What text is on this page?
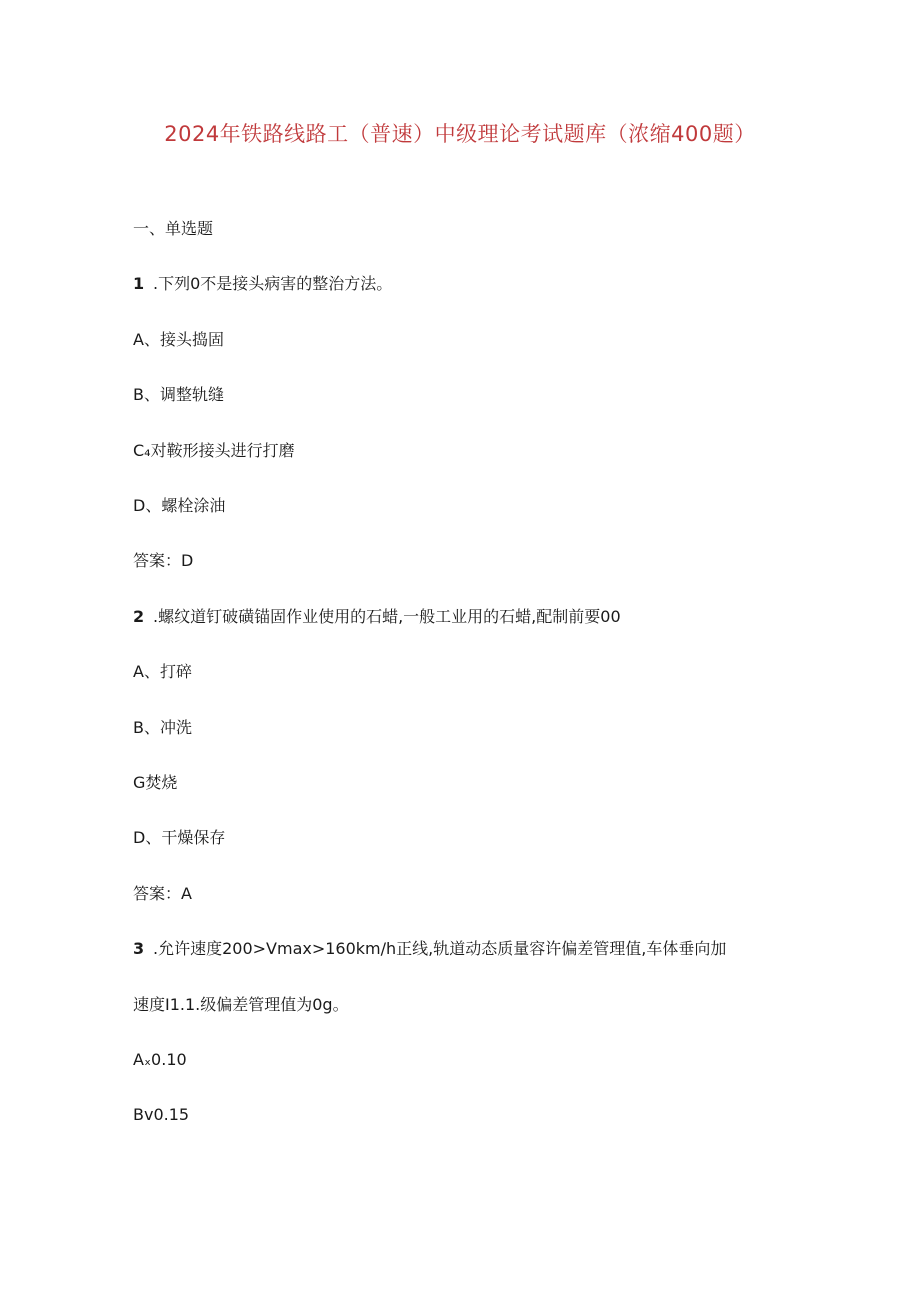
2024年铁路线路工（普速）中级理论考试题库（浓缩400题）
一、单选题
1 .下列0不是接头病害的整治方法。
A、接头捣固
B、调整轨缝
C₄对鞍形接头进行打磨
D、螺栓涂油
答案：D
2 .螺纹道钉破磺锚固作业使用的石蜡,一般工业用的石蜡,配制前要00
A、打碎
B、冲洗
G焚烧
D、干燥保存
答案：A
3 .允许速度200>Vmax>160km/h正线,轨道动态质量容许偏差管理值,车体垂向加
速度I1.1.级偏差管理值为0g。
Aₓ0.10
Bv0.15
